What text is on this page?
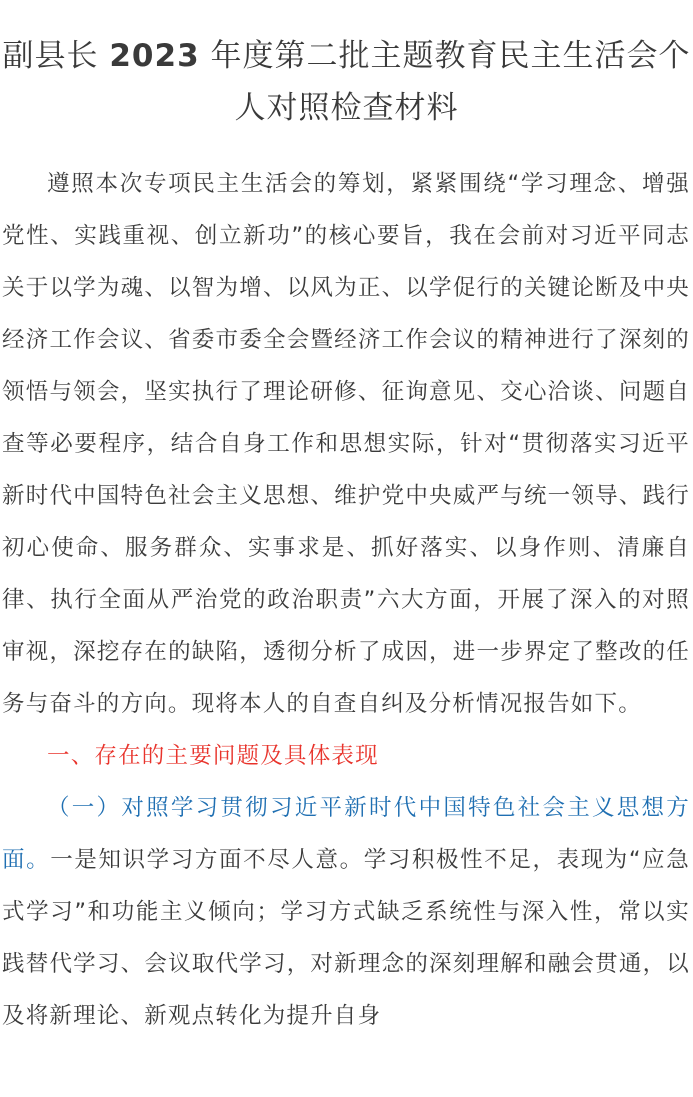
副县长 2023 年度第二批主题教育民主生活会个人对照检查材料

遵照本次专项民主生活会的筹划，紧紧围绕“学习理念、增强党性、实践重视、创立新功”的核心要旨，我在会前对习近平同志关于以学为魂、以智为增、以风为正、以学促行的关键论断及中央经济工作会议、省委市委全会暨经济工作会议的精神进行了深刻的领悟与领会，坚实执行了理论研修、征询意见、交心洽谈、问题自查等必要程序，结合自身工作和思想实际，针对“贯彻落实习近平新时代中国特色社会主义思想、维护党中央威严与统一领导、践行初心使命、服务群众、实事求是、抓好落实、以身作则、清廉自律、执行全面从严治党的政治职责”六大方面，开展了深入的对照审视，深挖存在的缺陷，透彻分析了成因，进一步界定了整改的任务与奋斗的方向。现将本人的自查自纠及分析情况报告如下。

一、存在的主要问题及具体表现

（一）对照学习贯彻习近平新时代中国特色社会主义思想方面。一是知识学习方面不尽人意。学习积极性不足，表现为“应急式学习”和功能主义倾向；学习方式缺乏系统性与深入性，常以实践替代学习、会议取代学习，对新理念的深刻理解和融会贯通，以及将新理论、新观点转化为提升自身
